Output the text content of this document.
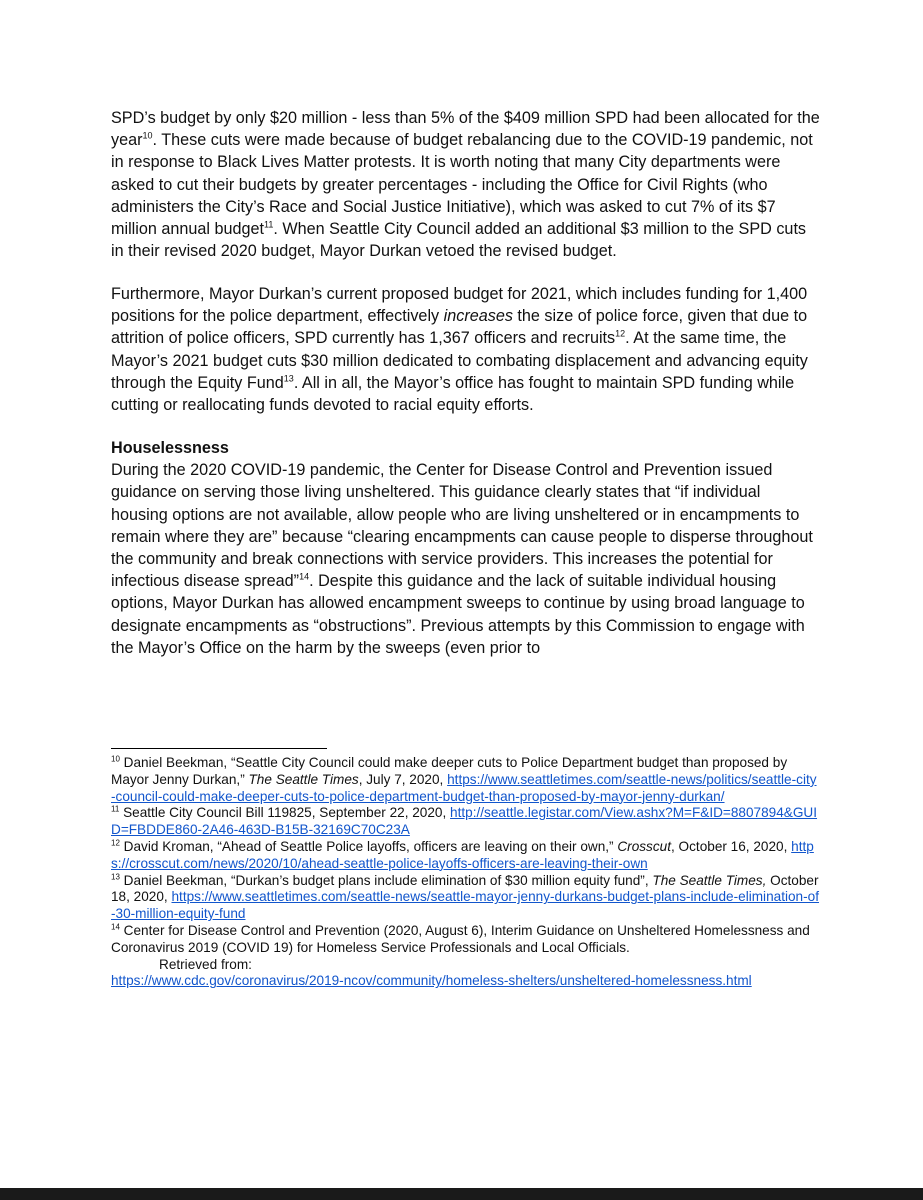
SPD’s budget by only $20 million - less than 5% of the $409 million SPD had been allocated for the year$^{10}$. These cuts were made because of budget rebalancing due to the COVID-19 pandemic, not in response to Black Lives Matter protests. It is worth noting that many City departments were asked to cut their budgets by greater percentages - including the Office for Civil Rights (who administers the City’s Race and Social Justice Initiative), which was asked to cut 7% of its $7 million annual budget$^{11}$. When Seattle City Council added an additional $3 million to the SPD cuts in their revised 2020 budget, Mayor Durkan vetoed the revised budget.

Furthermore, Mayor Durkan’s current proposed budget for 2021, which includes funding for 1,400 positions for the police department, effectively increases the size of police force, given that due to attrition of police officers, SPD currently has 1,367 officers and recruits$^{12}$. At the same time, the Mayor’s 2021 budget cuts $30 million dedicated to combating displacement and advancing equity through the Equity Fund$^{13}$. All in all, the Mayor’s office has fought to maintain SPD funding while cutting or reallocating funds devoted to racial equity efforts.

Houselessness
During the 2020 COVID-19 pandemic, the Center for Disease Control and Prevention issued guidance on serving those living unsheltered. This guidance clearly states that “if individual housing options are not available, allow people who are living unsheltered or in encampments to remain where they are” because “clearing encampments can cause people to disperse throughout the community and break connections with service providers. This increases the potential for infectious disease spread”$^{14}$. Despite this guidance and the lack of suitable individual housing options, Mayor Durkan has allowed encampment sweeps to continue by using broad language to designate encampments as “obstructions”. Previous attempts by this Commission to engage with the Mayor’s Office on the harm by the sweeps (even prior to
$^{10}$ Daniel Beekman, “Seattle City Council could make deeper cuts to Police Department budget than proposed by Mayor Jenny Durkan,” The Seattle Times, July 7, 2020, https://www.seattletimes.com/seattle-news/politics/seattle-city-council-could-make-deeper-cuts-to-police-department-budget-than-proposed-by-mayor-jenny-durkan/
$^{11}$ Seattle City Council Bill 119825, September 22, 2020, http://seattle.legistar.com/View.ashx?M=F&ID=8807894&GUID=FBDDE860-2A46-463D-B15B-32169C70C23A
$^{12}$ David Kroman, “Ahead of Seattle Police layoffs, officers are leaving on their own,” Crosscut, October 16, 2020, https://crosscut.com/news/2020/10/ahead-seattle-police-layoffs-officers-are-leaving-their-own
$^{13}$ Daniel Beekman, “Durkan’s budget plans include elimination of $30 million equity fund”, The Seattle Times, October 18, 2020, https://www.seattletimes.com/seattle-news/seattle-mayor-jenny-durkans-budget-plans-include-elimination-of-30-million-equity-fund
$^{14}$ Center for Disease Control and Prevention (2020, August 6), Interim Guidance on Unsheltered Homelessness and Coronavirus 2019 (COVID 19) for Homeless Service Professionals and Local Officials.
Retrieved from:
https://www.cdc.gov/coronavirus/2019-ncov/community/homeless-shelters/unsheltered-homelessness.html
